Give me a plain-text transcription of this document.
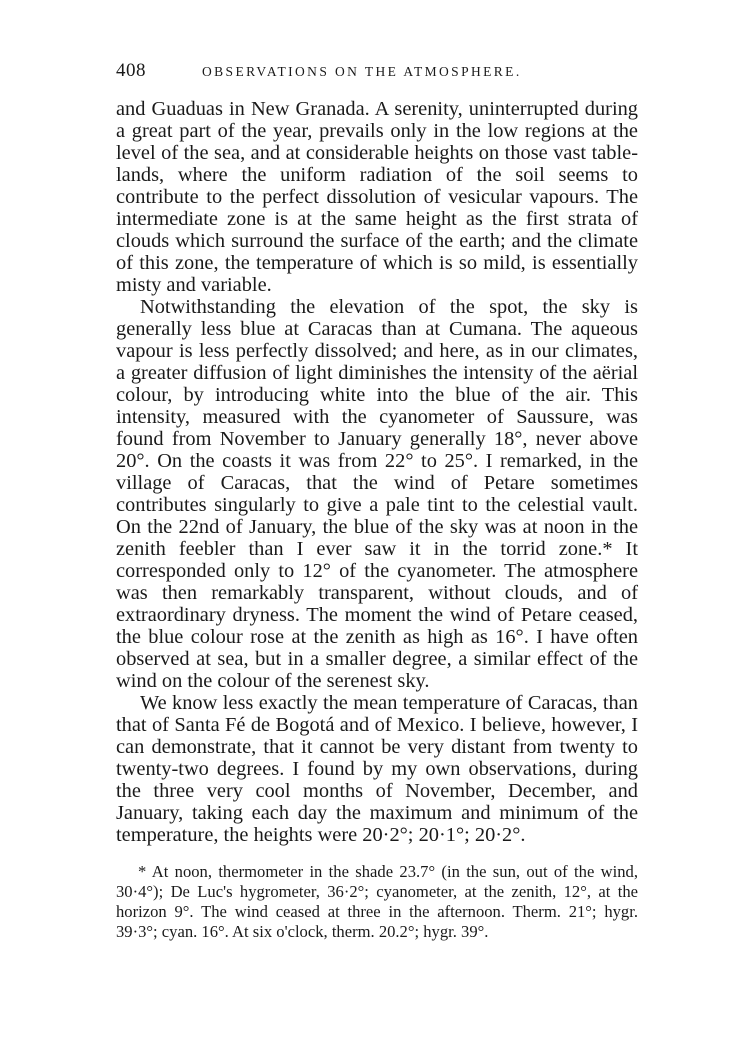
408	OBSERVATIONS ON THE ATMOSPHERE.

and Guaduas in New Granada. A serenity, uninterrupted during a great part of the year, prevails only in the low regions at the level of the sea, and at considerable heights on those vast table-lands, where the uniform radiation of the soil seems to contribute to the perfect dissolution of vesicular vapours. The intermediate zone is at the same height as the first strata of clouds which surround the surface of the earth; and the climate of this zone, the temperature of which is so mild, is essentially misty and variable.

Notwithstanding the elevation of the spot, the sky is generally less blue at Caracas than at Cumana. The aqueous vapour is less perfectly dissolved; and here, as in our climates, a greater diffusion of light diminishes the intensity of the aërial colour, by introducing white into the blue of the air. This intensity, measured with the cyanometer of Saussure, was found from November to January generally 18°, never above 20°. On the coasts it was from 22° to 25°. I remarked, in the village of Caracas, that the wind of Petare sometimes contributes singularly to give a pale tint to the celestial vault. On the 22nd of January, the blue of the sky was at noon in the zenith feebler than I ever saw it in the torrid zone.* It corresponded only to 12° of the cyanometer. The atmosphere was then remarkably transparent, without clouds, and of extraordinary dryness. The moment the wind of Petare ceased, the blue colour rose at the zenith as high as 16°. I have often observed at sea, but in a smaller degree, a similar effect of the wind on the colour of the serenest sky.

We know less exactly the mean temperature of Caracas, than that of Santa Fé de Bogotá and of Mexico. I believe, however, I can demonstrate, that it cannot be very distant from twenty to twenty-two degrees. I found by my own observations, during the three very cool months of November, December, and January, taking each day the maximum and minimum of the temperature, the heights were 20·2°; 20·1°; 20·2°.

* At noon, thermometer in the shade 23.7° (in the sun, out of the wind, 30·4°); De Luc's hygrometer, 36·2°; cyanometer, at the zenith, 12°, at the horizon 9°. The wind ceased at three in the afternoon. Therm. 21°; hygr. 39·3°; cyan. 16°. At six o'clock, therm. 20.2°; hygr. 39°.
